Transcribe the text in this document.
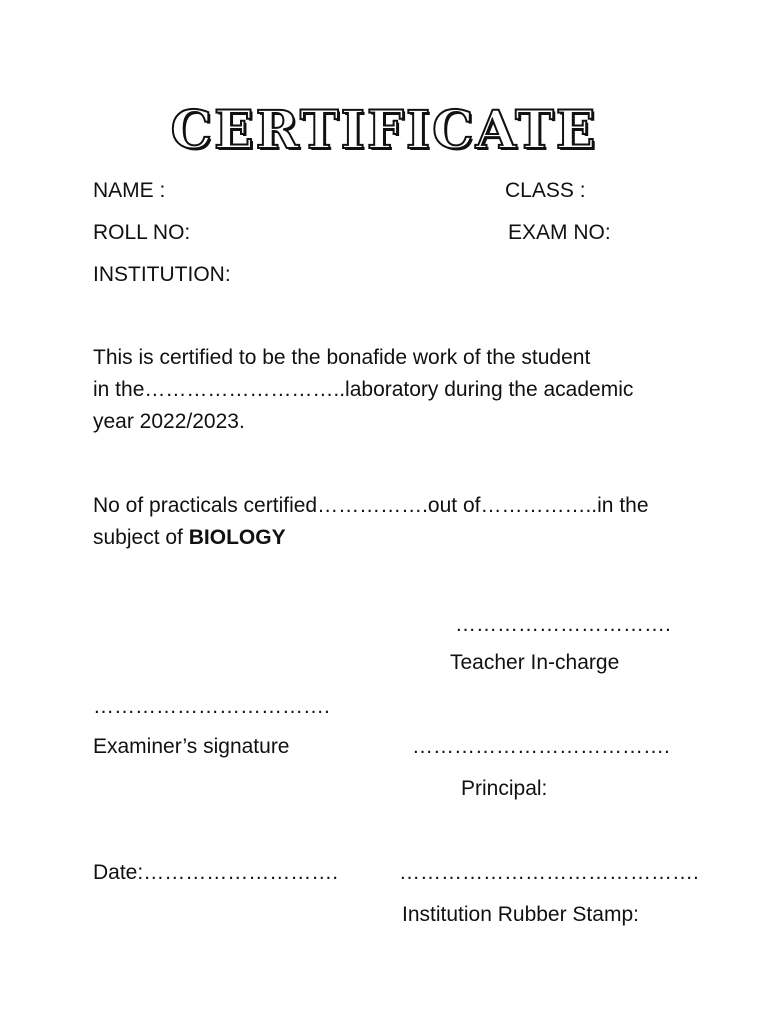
CERTIFICATE
NAME :	CLASS :
ROLL NO:	EXAM NO:
INSTITUTION:
This is certified to be the bonafide work of the student
in the………………………..laboratory during the academic
year 2022/2023.
No of practicals certified…………….out of……………..in the
subject of BIOLOGY
………………………….
Teacher In-charge
…………………………….
Examiner’s signature	……………………………….
Principal:
Date:……………………….	…………………………………….
Institution Rubber Stamp:
